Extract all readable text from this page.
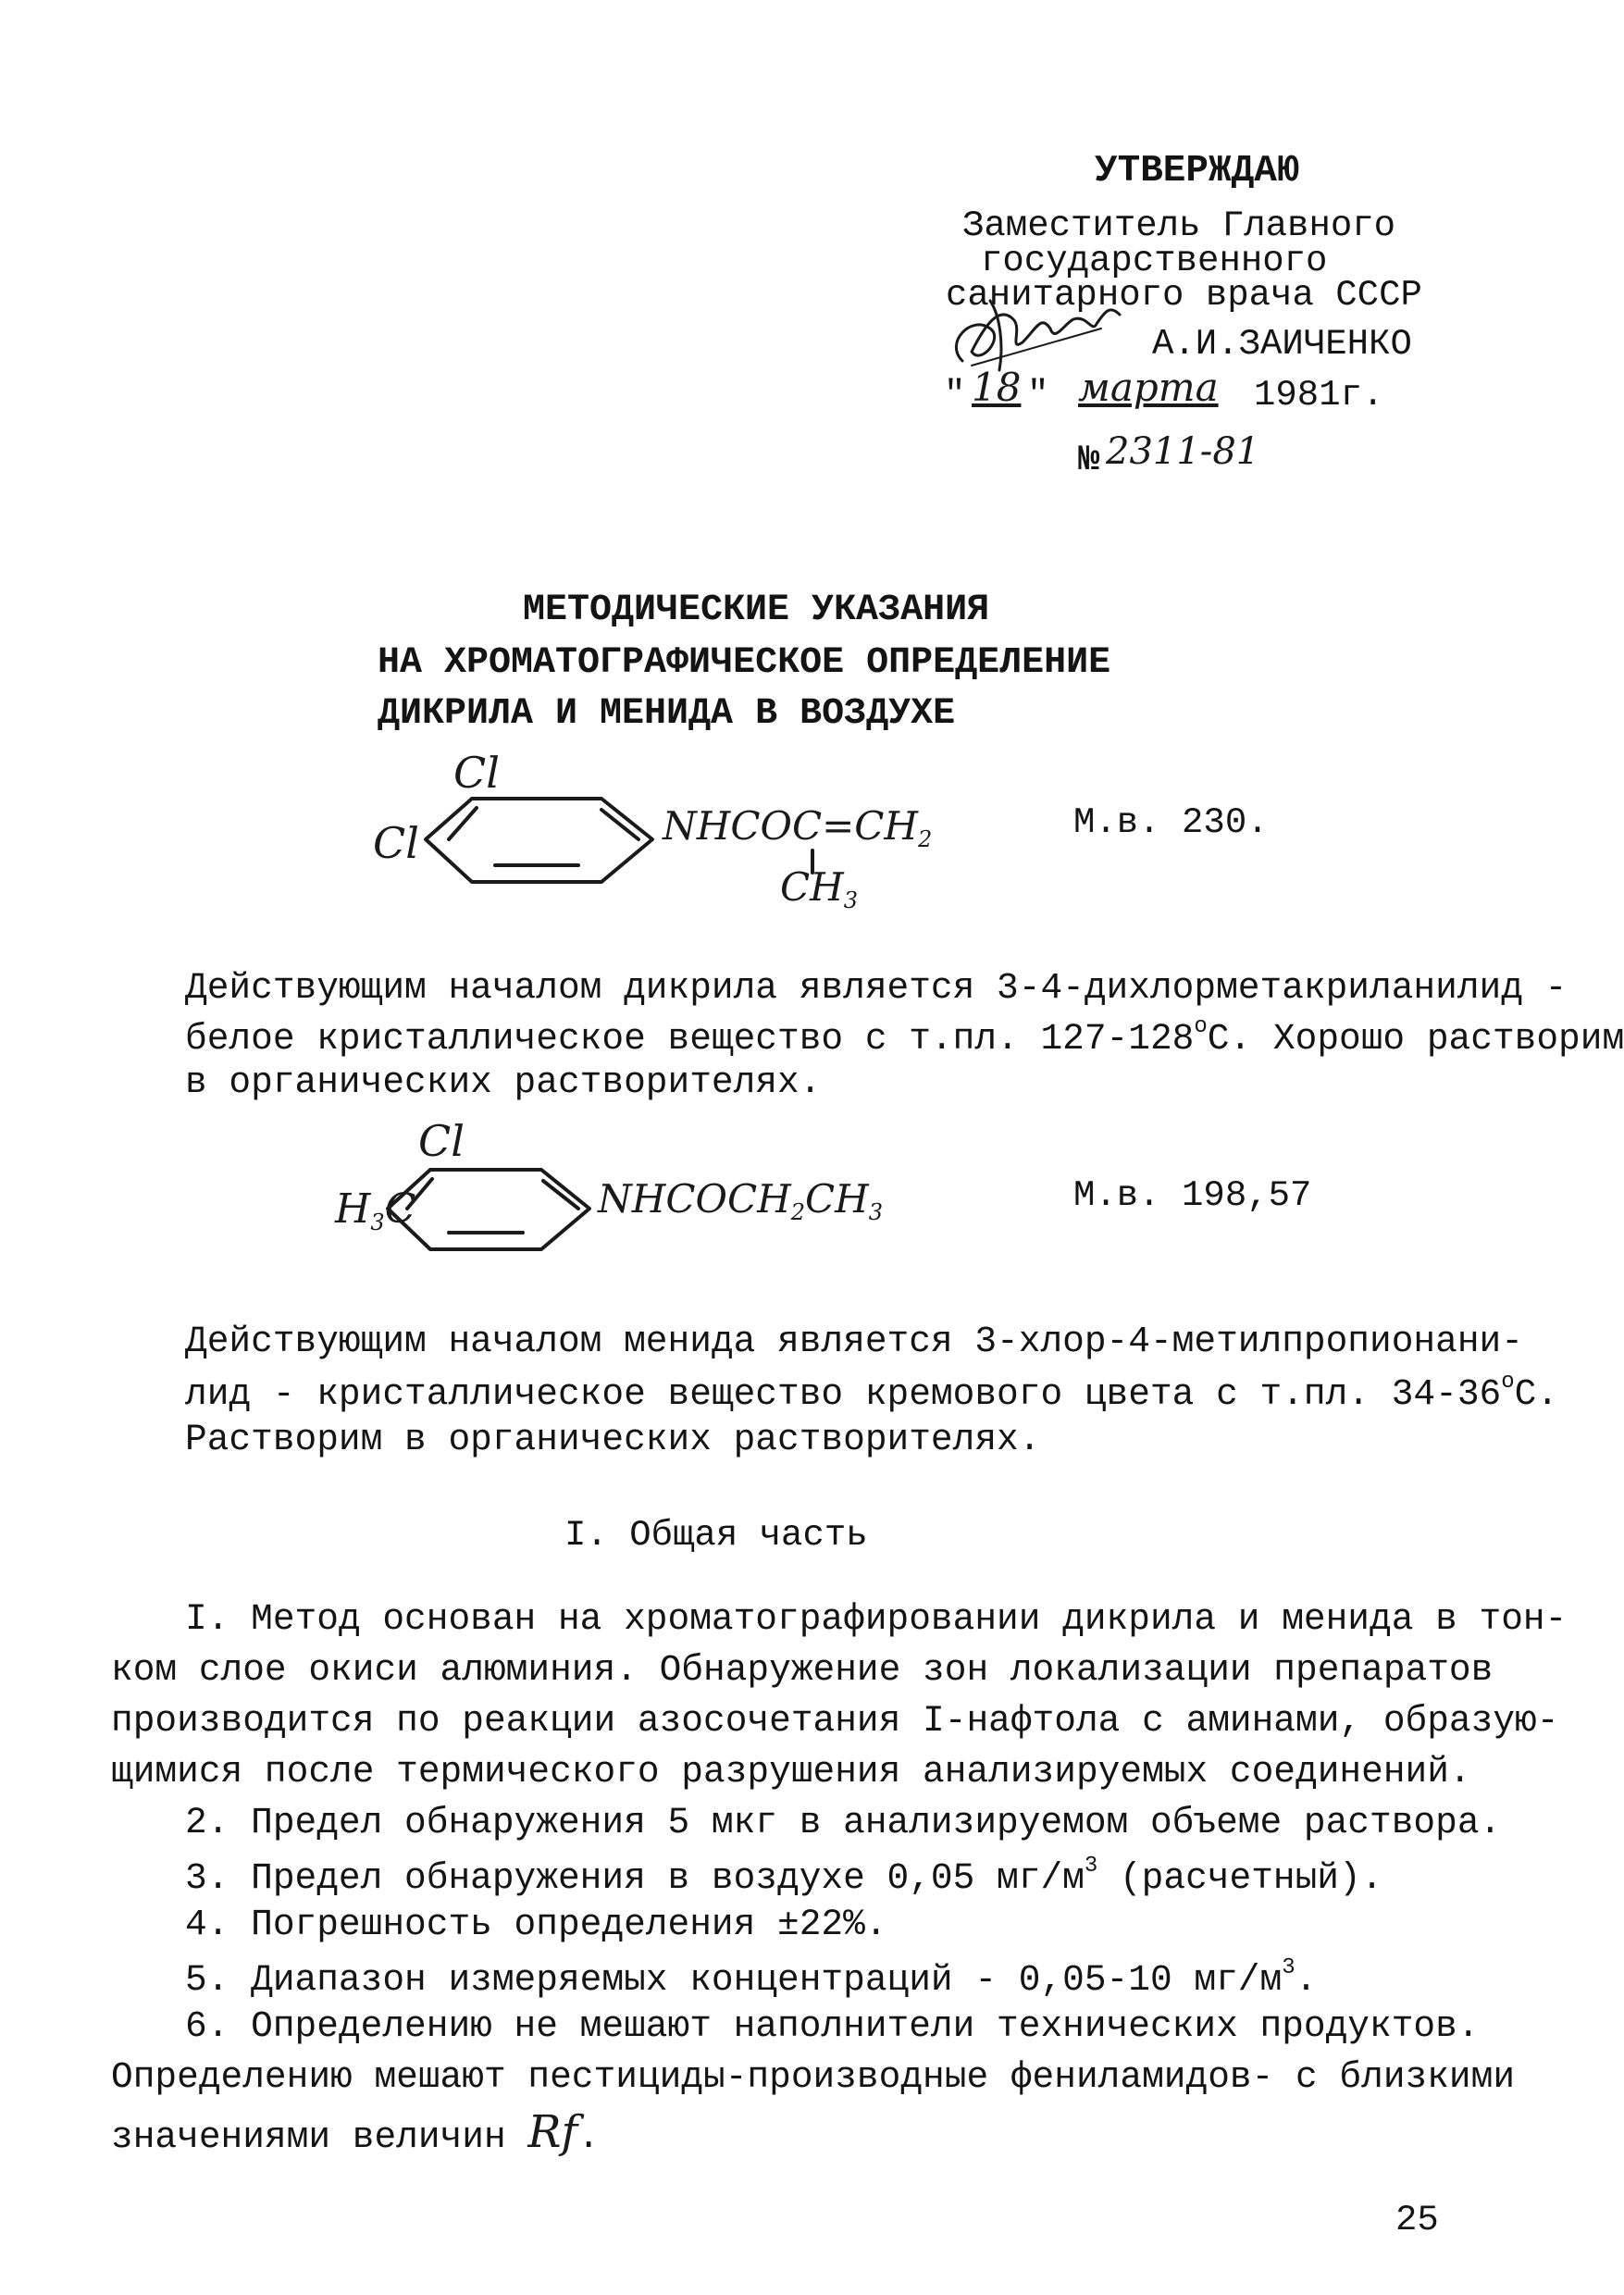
УТВЕРЖДАЮ
Заместитель Главного
государственного
санитарного врача СССР
А.И.ЗАИЧЕНКО
" 18 " марта 1981г.
№ 2311-81
МЕТОДИЧЕСКИЕ УКАЗАНИЯ
НА ХРОМАТОГРАФИЧЕСКОЕ ОПРЕДЕЛЕНИЕ
ДИКРИЛА И МЕНИДА В ВОЗДУХЕ
Cl
Cl	$NHCOC=CH_2$
$CH_3$
М.в. 230.
Действующим началом дикрила является 3-4-дихлорметакриланилид -
белое кристаллическое вещество с т.пл. 127-128$^o$С. Хорошо растворим
в органических растворителях.
Cl
$H_3C$	$NHCOCH_2CH_3$	М.в. 198,57
Действующим началом менида является 3-хлор-4-метилпропионани-
лид - кристаллическое вещество кремового цвета с т.пл. 34-36$^o$С.
Растворим в органических растворителях.
I. Общая часть
I. Метод основан на хроматографировании дикрила и менида в тон-
ком слое окиси алюминия. Обнаружение зон локализации препаратов
производится по реакции азосочетания I-нафтола с аминами, образую-
щимися после термического разрушения анализируемых соединений.
2. Предел обнаружения 5 мкг в анализируемом объеме раствора.
3. Предел обнаружения в воздухе 0,05 $мг/м^3$ (расчетный).
4. Погрешность определения ±22%.
5. Диапазон измеряемых концентраций - 0,05-10 $мг/м^3$.
6. Определению не мешают наполнители технических продуктов.
Определению мешают пестициды-производные фениламидов- с близкими
значениями величин Rf.
25
